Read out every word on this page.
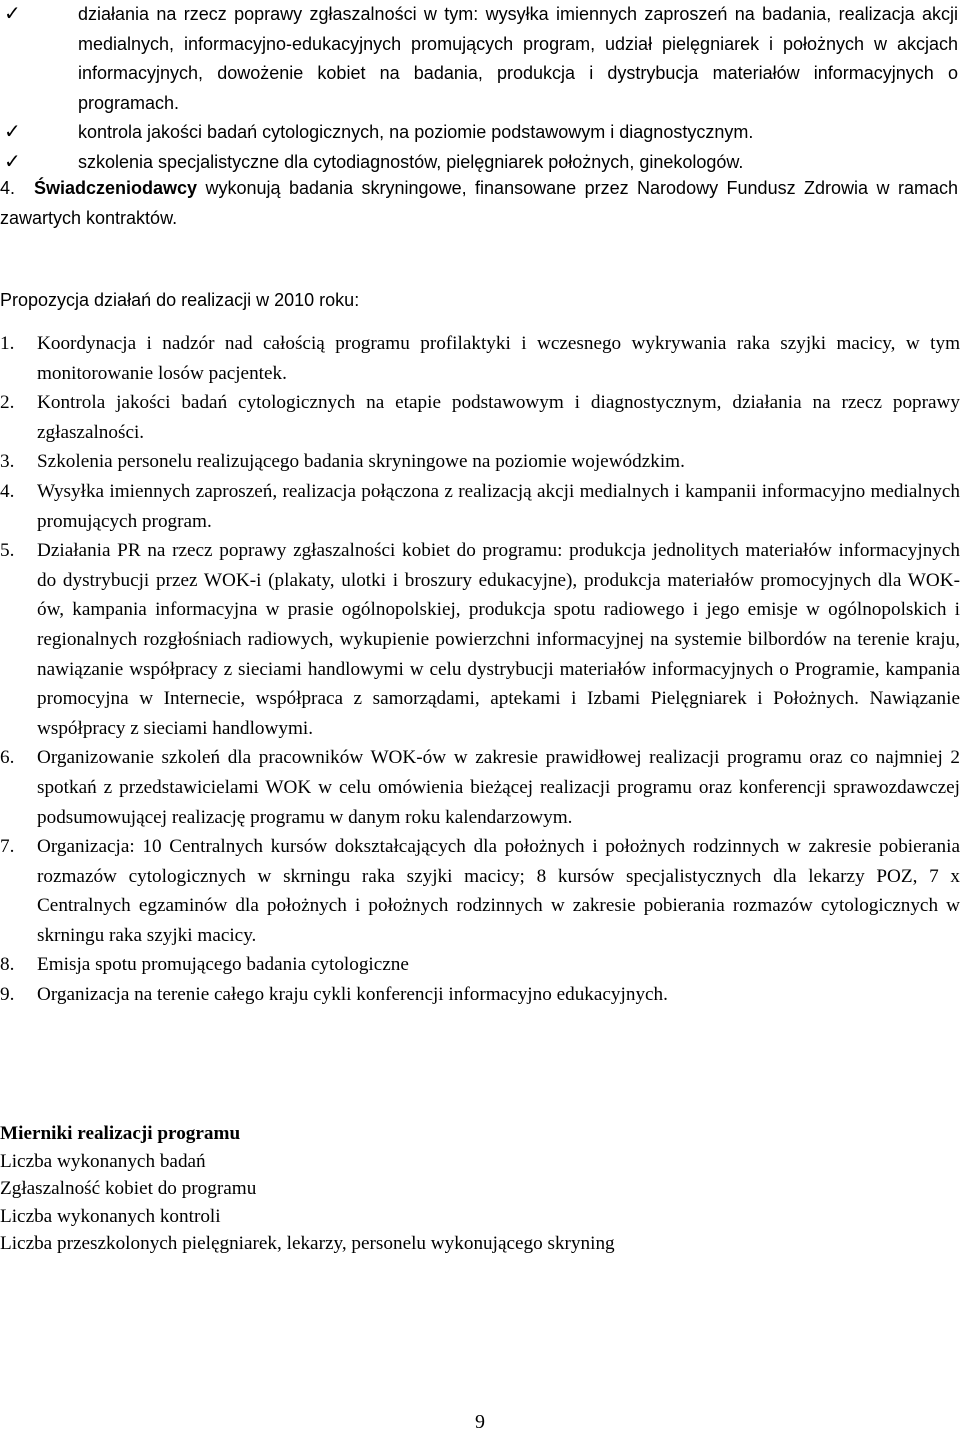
✓	działania na rzecz poprawy zgłaszalności w tym: wysyłka imiennych zaproszeń na badania, realizacja akcji medialnych, informacyjno-edukacyjnych promujących program, udział pielęgniarek i położnych w akcjach informacyjnych, dowożenie kobiet na badania, produkcja i dystrybucja materiałów informacyjnych o programach.
✓	kontrola jakości badań cytologicznych, na poziomie podstawowym i diagnostycznym.
✓	szkolenia specjalistyczne dla cytodiagnostów, pielęgniarek położnych, ginekologów.
4.	Świadczeniodawcy wykonują badania skryningowe, finansowane przez Narodowy Fundusz Zdrowia w ramach zawartych kontraktów.
Propozycja działań do realizacji w 2010 roku:
1. Koordynacja i nadzór nad całością programu profilaktyki i wczesnego wykrywania raka szyjki macicy, w tym monitorowanie losów pacjentek.
2. Kontrola jakości badań cytologicznych na etapie podstawowym i diagnostycznym, działania na rzecz poprawy zgłaszalności.
3. Szkolenia personelu realizującego badania skryningowe na poziomie wojewódzkim.
4. Wysyłka imiennych zaproszeń, realizacja połączona z realizacją akcji medialnych i kampanii informacyjno medialnych promujących program.
5. Działania PR na rzecz poprawy zgłaszalności kobiet do programu: produkcja jednolitych materiałów informacyjnych do dystrybucji przez WOK-i (plakaty, ulotki i broszury edukacyjne), produkcja materiałów promocyjnych dla WOK-ów, kampania informacyjna w prasie ogólnopolskiej, produkcja spotu radiowego i jego emisje w ogólnopolskich i regionalnych rozgłośniach radiowych, wykupienie powierzchni informacyjnej na systemie bilbordów na terenie kraju, nawiązanie współpracy z sieciami handlowymi w celu dystrybucji materiałów informacyjnych o Programie, kampania promocyjna w Internecie, współpraca z samorządami, aptekami i Izbami Pielęgniarek i Położnych. Nawiązanie współpracy z sieciami handlowymi.
6. Organizowanie szkoleń dla pracowników WOK-ów w zakresie prawidłowej realizacji programu oraz co najmniej 2 spotkań z przedstawicielami WOK w celu omówienia bieżącej realizacji programu oraz konferencji sprawozdawczej podsumowującej realizację programu w danym roku kalendarzowym.
7. Organizacja: 10 Centralnych kursów dokształcających dla położnych i położnych rodzinnych w zakresie pobierania rozmazów cytologicznych w skrningu raka szyjki macicy; 8 kursów specjalistycznych dla lekarzy POZ, 7 x Centralnych egzaminów dla położnych i położnych rodzinnych w zakresie pobierania rozmazów cytologicznych w skrningu raka szyjki macicy.
8. Emisja spotu promującego badania cytologiczne
9. Organizacja na terenie całego kraju cykli konferencji informacyjno edukacyjnych.
Mierniki realizacji programu
Liczba wykonanych badań
Zgłaszalność kobiet do programu
Liczba wykonanych kontroli
Liczba przeszkolonych pielęgniarek, lekarzy, personelu wykonującego skryning
9
